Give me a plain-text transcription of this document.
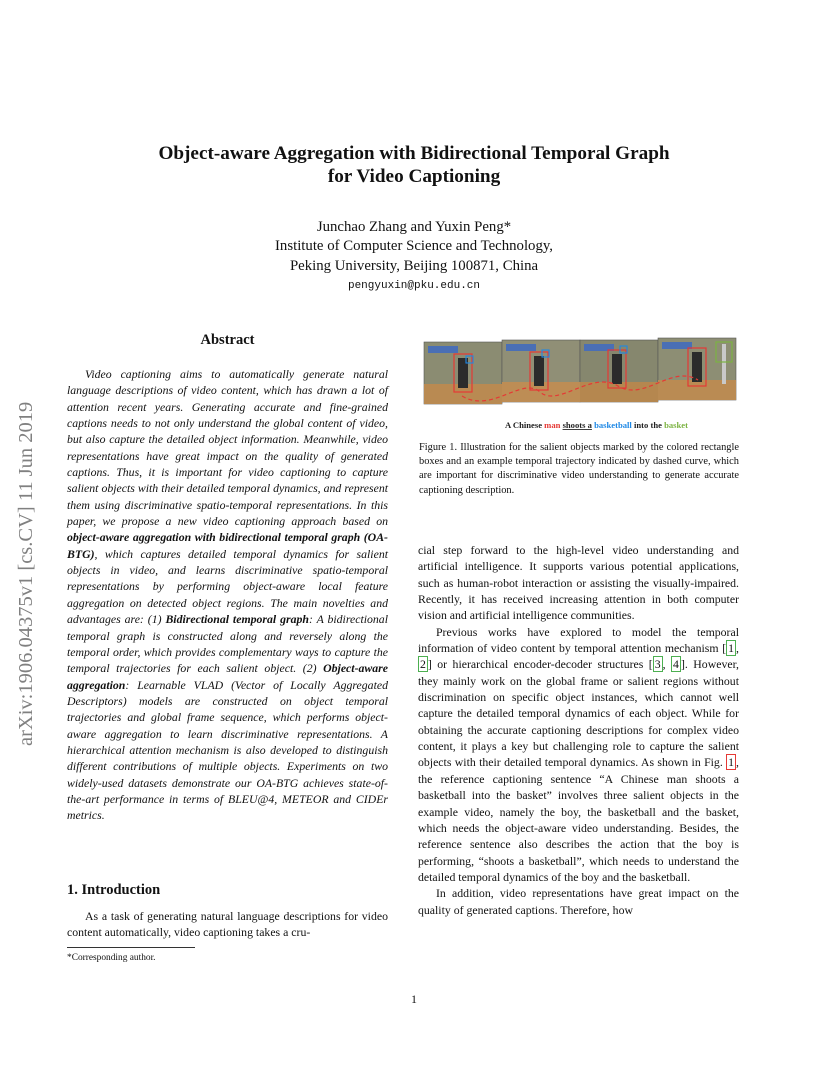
arXiv:1906.04375v1 [cs.CV] 11 Jun 2019
Object-aware Aggregation with Bidirectional Temporal Graph
for Video Captioning
Junchao Zhang and Yuxin Peng*
Institute of Computer Science and Technology,
Peking University, Beijing 100871, China
pengyuxin@pku.edu.cn
Abstract
Video captioning aims to automatically generate natural language descriptions of video content, which has drawn a lot of attention recent years. Generating accurate and fine-grained captions needs to not only understand the global content of video, but also capture the detailed object information. Meanwhile, video representations have great impact on the quality of generated captions. Thus, it is important for video captioning to capture salient objects with their detailed temporal dynamics, and represent them using discriminative spatio-temporal representations. In this paper, we propose a new video captioning approach based on object-aware aggregation with bidirectional temporal graph (OA-BTG), which captures detailed temporal dynamics for salient objects in video, and learns discriminative spatio-temporal representations by performing object-aware local feature aggregation on detected object regions. The main novelties and advantages are: (1) Bidirectional temporal graph: A bidirectional temporal graph is constructed along and reversely along the temporal order, which provides complementary ways to capture the temporal trajectories for each salient object. (2) Object-aware aggregation: Learnable VLAD (Vector of Locally Aggregated Descriptors) models are constructed on object temporal trajectories and global frame sequence, which performs object-aware aggregation to learn discriminative representations. A hierarchical attention mechanism is also developed to distinguish different contributions of multiple objects. Experiments on two widely-used datasets demonstrate our OA-BTG achieves state-of-the-art performance in terms of BLEU@4, METEOR and CIDEr metrics.
1. Introduction
As a task of generating natural language descriptions for video content automatically, video captioning takes a cru-
*Corresponding author.
A Chinese man shoots a basketball into the basket
Figure 1. Illustration for the salient objects marked by the colored rectangle boxes and an example temporal trajectory indicated by dashed curve, which are important for discriminative video understanding to generate accurate captioning description.

cial step forward to the high-level video understanding and artificial intelligence. It supports various potential applications, such as human-robot interaction or assisting the visually-impaired. Recently, it has received increasing attention in both computer vision and artificial intelligence communities.

Previous works have explored to model the temporal information of video content by temporal attention mechanism [ 1 , 2 ] or hierarchical encoder-decoder structures [ 3 , 4 ]. However, they mainly work on the global frame or salient regions without discrimination on specific object instances, which cannot well capture the detailed temporal dynamics of each object. While for obtaining the accurate captioning descriptions for complex video content, it plays a key but challenging role to capture the salient objects with their detailed temporal dynamics. As shown in Fig. 1 , the reference captioning sentence “A Chinese man shoots a basketball into the basket” involves three salient objects in the example video, namely the boy, the basketball and the basket, which needs the object-aware video understanding. Besides, the reference sentence also describes the action that the boy is performing, “shoots a basketball”, which needs to understand the detailed temporal dynamics of the boy and the basketball.

In addition, video representations have great impact on the quality of generated captions. Therefore, how

1
